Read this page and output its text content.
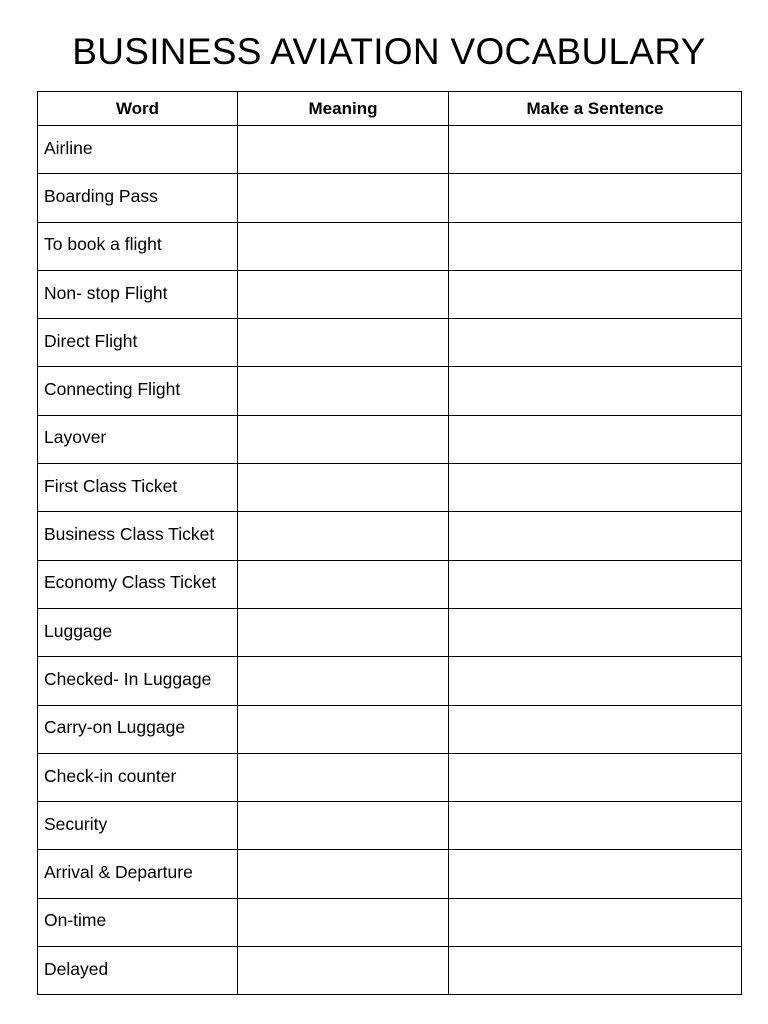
BUSINESS AVIATION VOCABULARY
Word	Meaning	Make a Sentence
Airline		
Boarding Pass		
To book a flight		
Non- stop Flight		
Direct Flight		
Connecting Flight		
Layover		
First Class Ticket		
Business Class Ticket		
Economy Class Ticket		
Luggage		
Checked- In Luggage		
Carry-on Luggage		
Check-in counter		
Security		
Arrival & Departure		
On-time		
Delayed		
